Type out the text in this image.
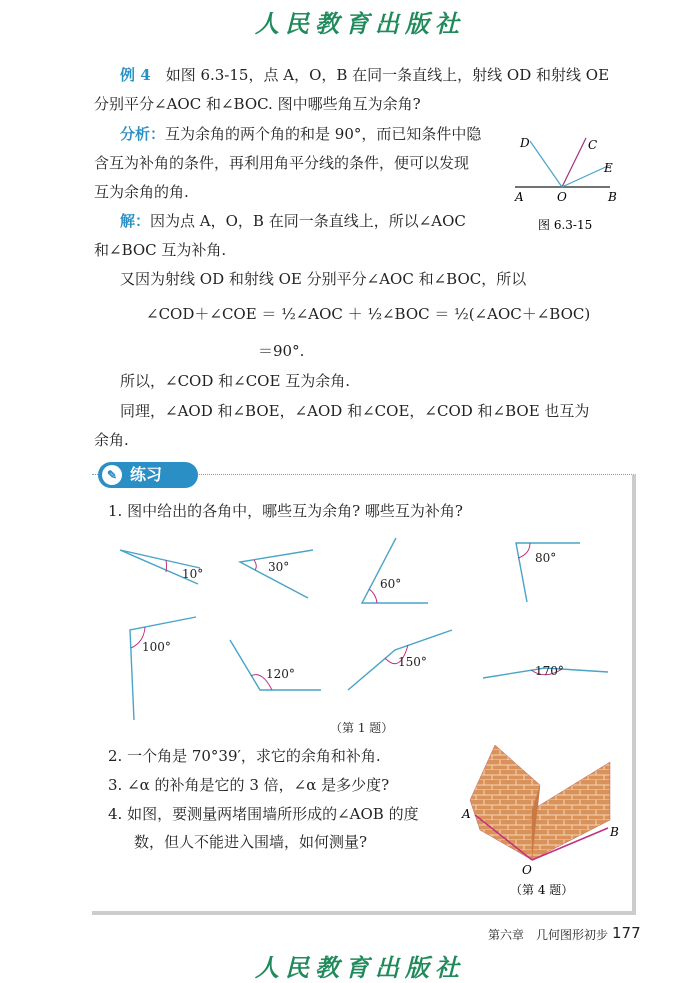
人民教育出版社
例 4　 如图 6.3-15，点 A，O，B 在同一条直线上，射线 OD 和射线 OE
分别平分∠AOC 和∠BOC. 图中哪些角互为余角?
分析：互为余角的两个角的和是 90°，而已知条件中隐
含互为补角的条件，再利用角平分线的条件，便可以发现
互为余角的角.
解：因为点 A，O，B 在同一条直线上，所以∠AOC
和∠BOC 互为补角.
又因为射线 OD 和射线 OE 分别平分∠AOC 和∠BOC，所以
∠COD＋∠COE ＝ ½∠AOC ＋ ½∠BOC ＝ ½(∠AOC＋∠BOC)
＝90°.
所以，∠COD 和∠COE 互为余角.
同理，∠AOD 和∠BOE，∠AOD 和∠COE，∠COD 和∠BOE 也互为
余角.
D	C
E
A	O	B
图 6.3-15
✎ 练习
1. 图中给出的各角中，哪些互为余角? 哪些互为补角?
10°	30°
60°
80°
100°
120°
150°
170°
（第 1 题）
2. 一个角是 70°39′，求它的余角和补角.
3. ∠α 的补角是它的 3 倍，∠α 是多少度?
4. 如图，要测量两堵围墙所形成的∠AOB 的度
数，但人不能进入围墙，如何测量?
A
B
O
（第 4 题）
第六章　几何图形初步 177
人民教育出版社
